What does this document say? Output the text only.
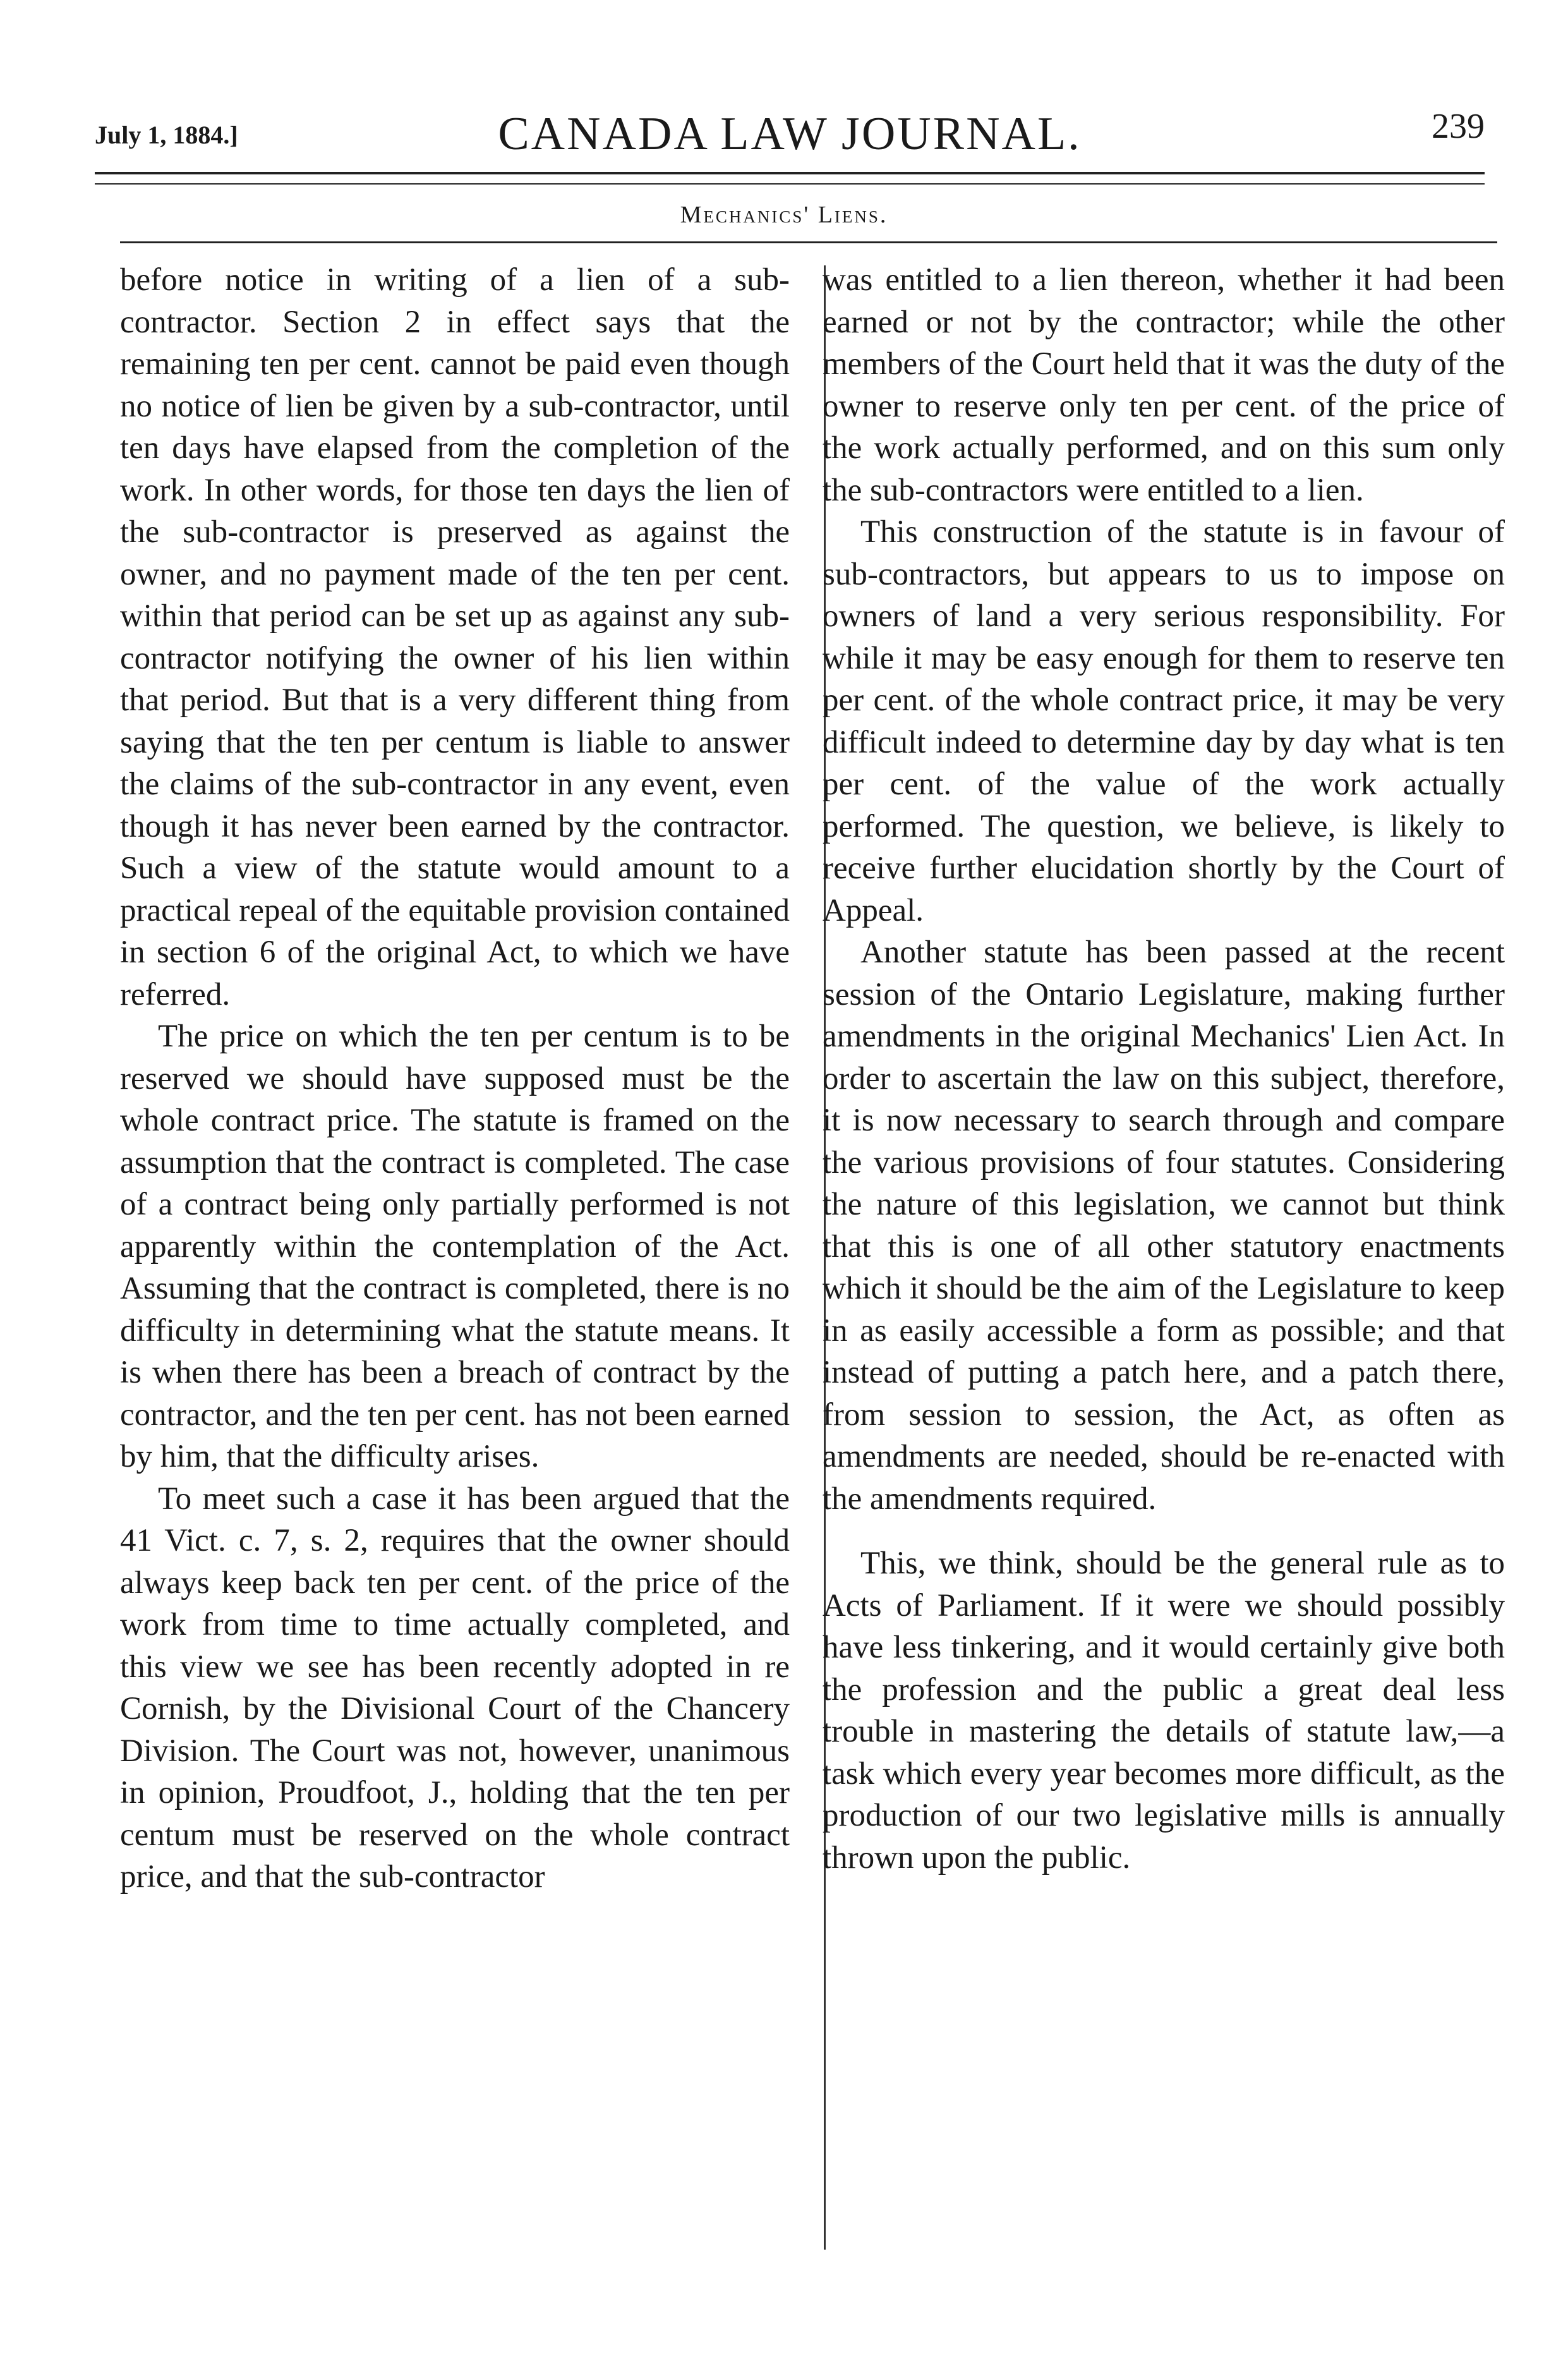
July 1, 1884.]	CANADA LAW JOURNAL.	239
Mechanics' Liens.

before notice in writing of a lien of a sub-contractor. Section 2 in effect says that the remaining ten per cent. cannot be paid even though no notice of lien be given by a sub-contractor, until ten days have elapsed from the completion of the work. In other words, for those ten days the lien of the sub-contractor is preserved as against the owner, and no payment made of the ten per cent. within that period can be set up as against any sub-contractor notifying the owner of his lien within that period. But that is a very different thing from saying that the ten per centum is liable to answer the claims of the sub-contractor in any event, even though it has never been earned by the contractor. Such a view of the statute would amount to a practical repeal of the equitable provision contained in section 6 of the original Act, to which we have referred.

The price on which the ten per centum is to be reserved we should have supposed must be the whole contract price. The statute is framed on the assumption that the contract is completed. The case of a contract being only partially performed is not apparently within the contemplation of the Act. Assuming that the contract is completed, there is no difficulty in determining what the statute means. It is when there has been a breach of contract by the contractor, and the ten per cent. has not been earned by him, that the difficulty arises.

To meet such a case it has been argued that the 41 Vict. c. 7, s. 2, requires that the owner should always keep back ten per cent. of the price of the work from time to time actually completed, and this view we see has been recently adopted in re Cornish, by the Divisional Court of the Chancery Division. The Court was not, however, unanimous in opinion, Proudfoot, J., holding that the ten per centum must be reserved on the whole contract price, and that the sub-contractor

was entitled to a lien thereon, whether it had been earned or not by the contractor; while the other members of the Court held that it was the duty of the owner to reserve only ten per cent. of the price of the work actually performed, and on this sum only the sub-contractors were entitled to a lien.

This construction of the statute is in favour of sub-contractors, but appears to us to impose on owners of land a very serious responsibility. For while it may be easy enough for them to reserve ten per cent. of the whole contract price, it may be very difficult indeed to determine day by day what is ten per cent. of the value of the work actually performed. The question, we believe, is likely to receive further elucidation shortly by the Court of Appeal.

Another statute has been passed at the recent session of the Ontario Legislature, making further amendments in the original Mechanics' Lien Act. In order to ascertain the law on this subject, therefore, it is now necessary to search through and compare the various provisions of four statutes. Considering the nature of this legislation, we cannot but think that this is one of all other statutory enactments which it should be the aim of the Legislature to keep in as easily accessible a form as possible; and that instead of putting a patch here, and a patch there, from session to session, the Act, as often as amendments are needed, should be re-enacted with the amendments required.

This, we think, should be the general rule as to Acts of Parliament. If it were we should possibly have less tinkering, and it would certainly give both the profession and the public a great deal less trouble in mastering the details of statute law,—a task which every year becomes more difficult, as the production of our two legislative mills is annually thrown upon the public.
